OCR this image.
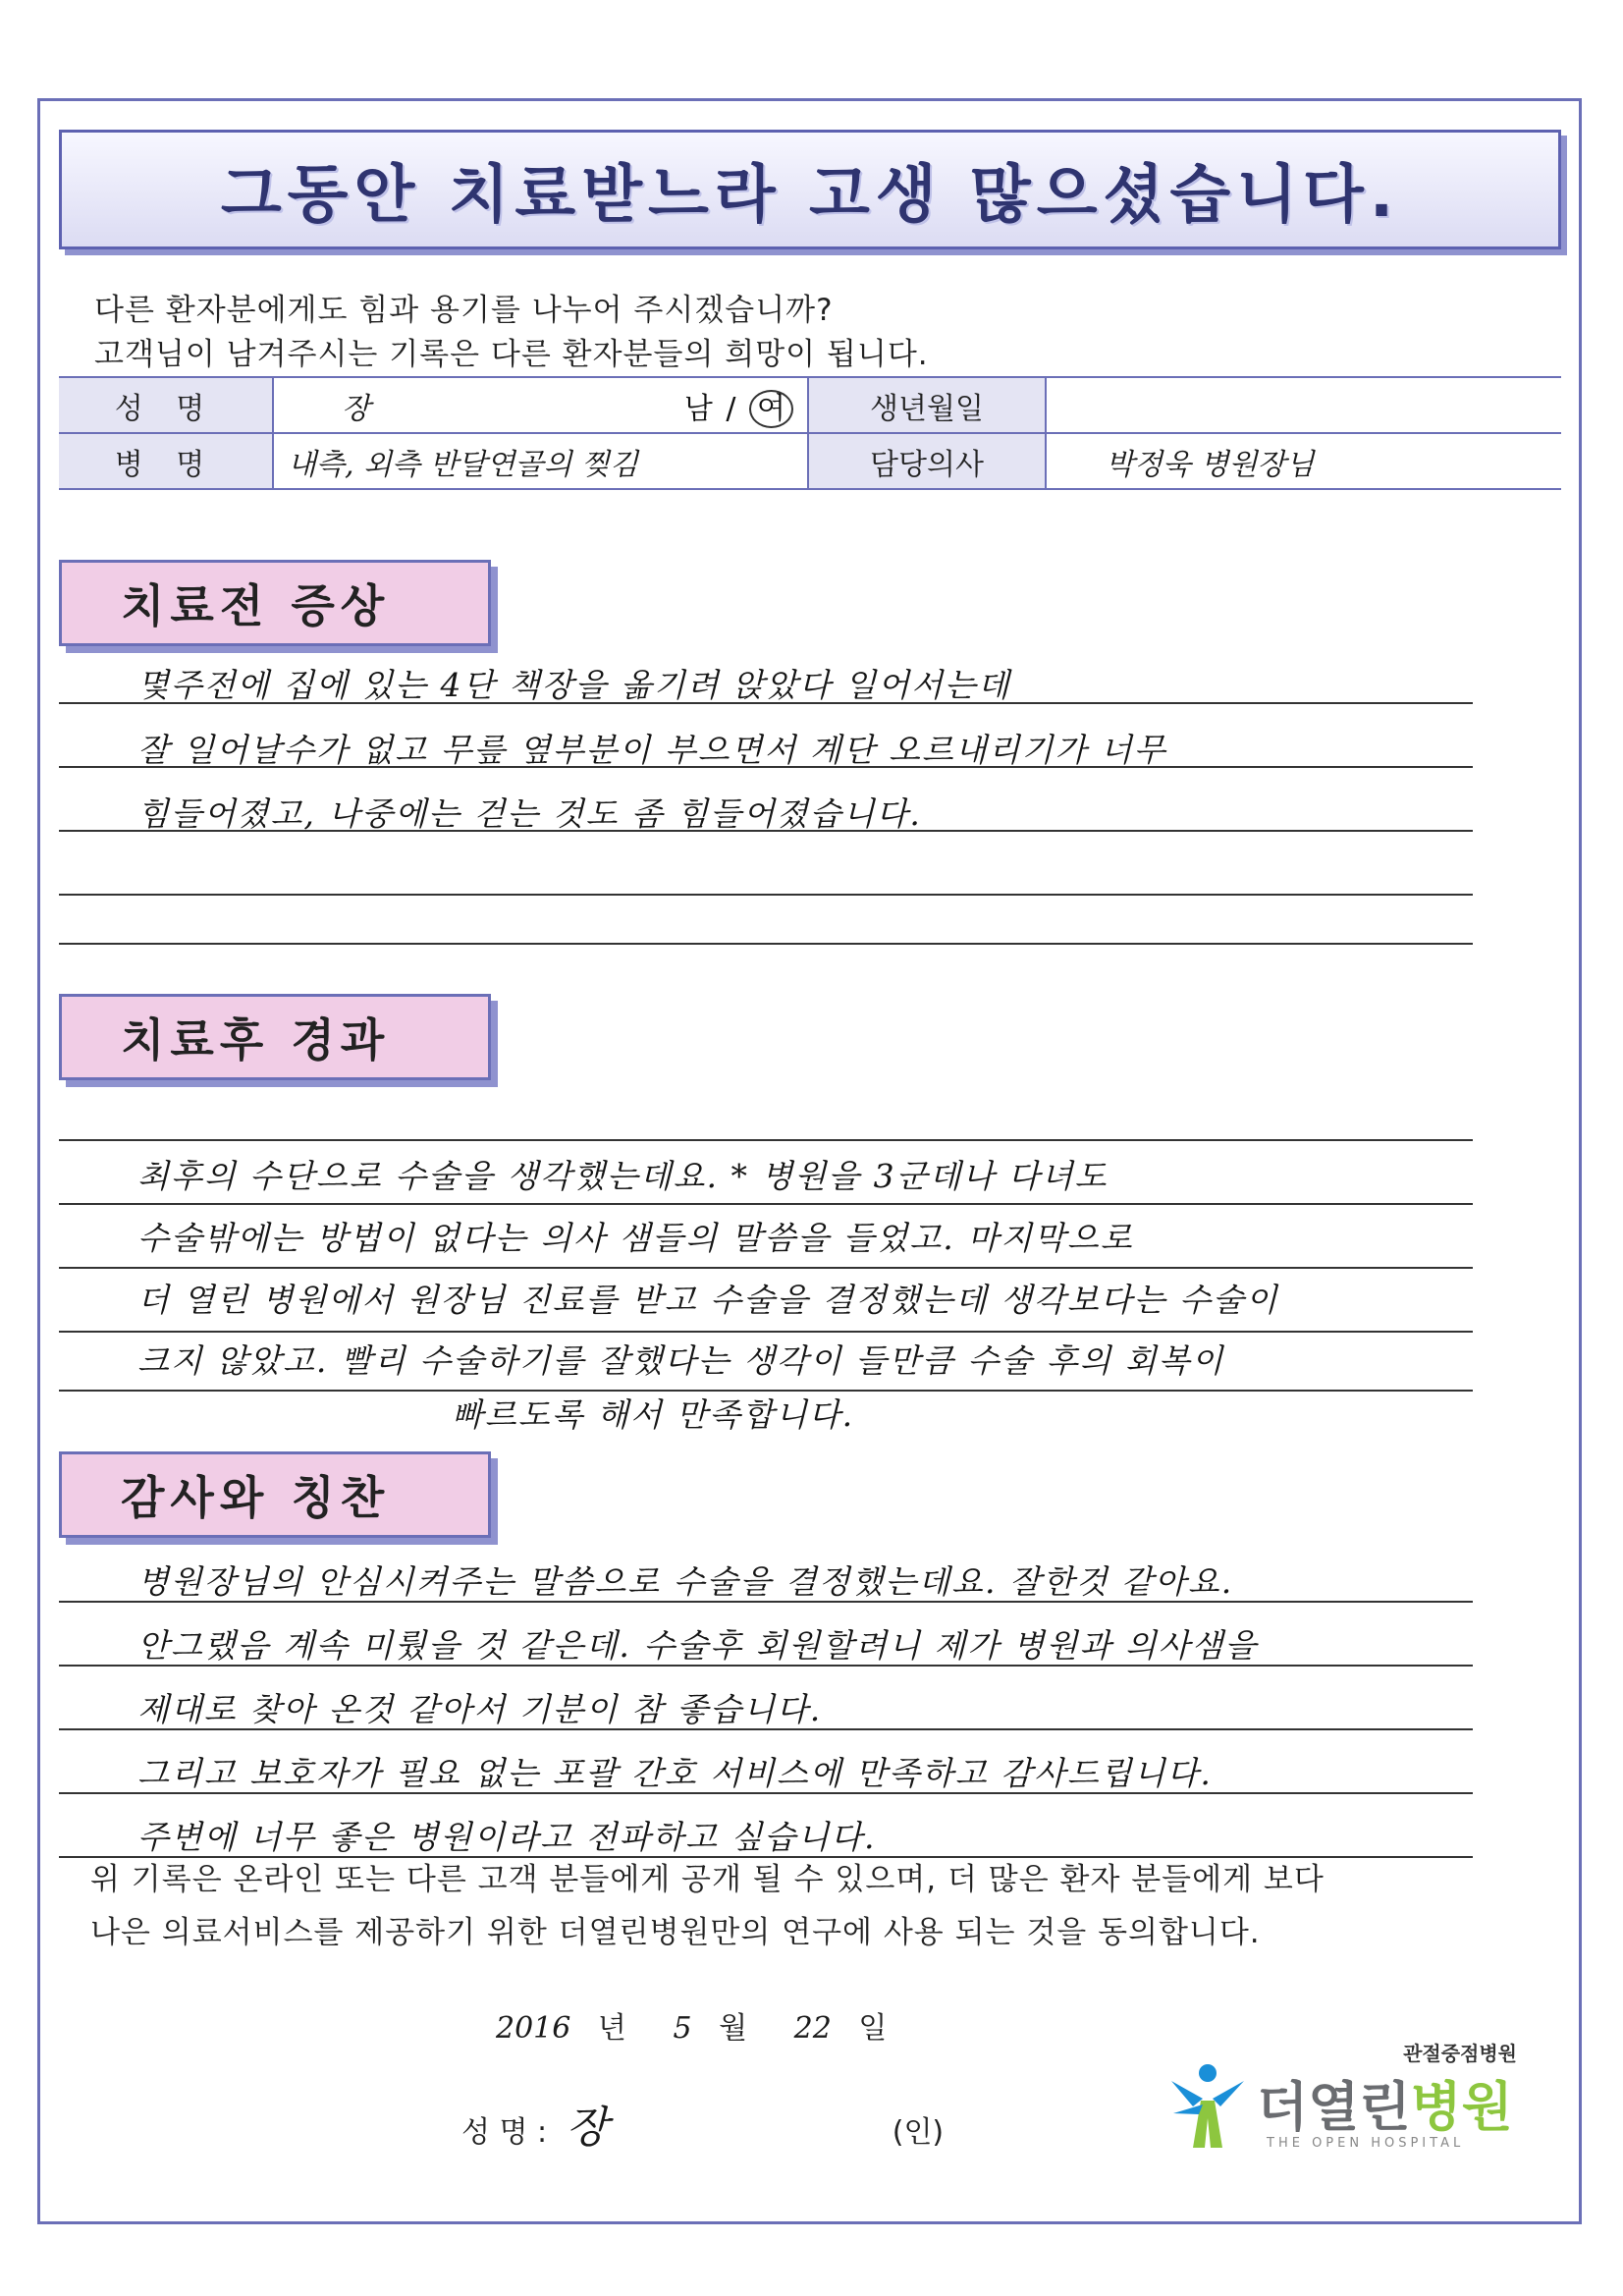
그동안 치료받느라 고생 많으셨습니다.
다른 환자분에게도 힘과 용기를 나누어 주시겠습니까?
고객님이 남겨주시는 기록은 다른 환자분들의 희망이 됩니다.
성 명	장 남 / 여	생년월일	
병 명	내측, 외측 반달연골의 찢김	담당의사	박정욱 병원장님
치료전 증상
몇주전에 집에 있는 4단 책장을 옮기려 앉았다 일어서는데
잘 일어날수가 없고 무릎 옆부분이 부으면서 계단 오르내리기가 너무
힘들어졌고, 나중에는 걷는 것도 좀 힘들어졌습니다.
치료후 경과
최후의 수단으로 수술을 생각했는데요. * 병원을 3군데나 다녀도
수술밖에는 방법이 없다는 의사 샘들의 말씀을 들었고. 마지막으로
더 열린 병원에서 원장님 진료를 받고 수술을 결정했는데 생각보다는 수술이
크지 않았고. 빨리 수술하기를 잘했다는 생각이 들만큼 수술 후의 회복이
빠르도록 해서 만족합니다.
감사와 칭찬
병원장님의 안심시켜주는 말씀으로 수술을 결정했는데요. 잘한것 같아요.
안그랬음 계속 미뤘을 것 같은데. 수술후 회원할려니 제가 병원과 의사샘을
제대로 찾아 온것 같아서 기분이 참 좋습니다.
그리고 보호자가 필요 없는 포괄 간호 서비스에 만족하고 감사드립니다.
주변에 너무 좋은 병원이라고 전파하고 싶습니다.
위 기록은 온라인 또는 다른 고객 분들에게 공개 될 수 있으며, 더 많은 환자 분들에게 보다
나은 의료서비스를 제공하기 위한 더열린병원만의 연구에 사용 되는 것을 동의합니다.
2016 년 5 월 22 일
성 명 : 장	(인)
관절중점병원
더열린병원
THE OPEN HOSPITAL
